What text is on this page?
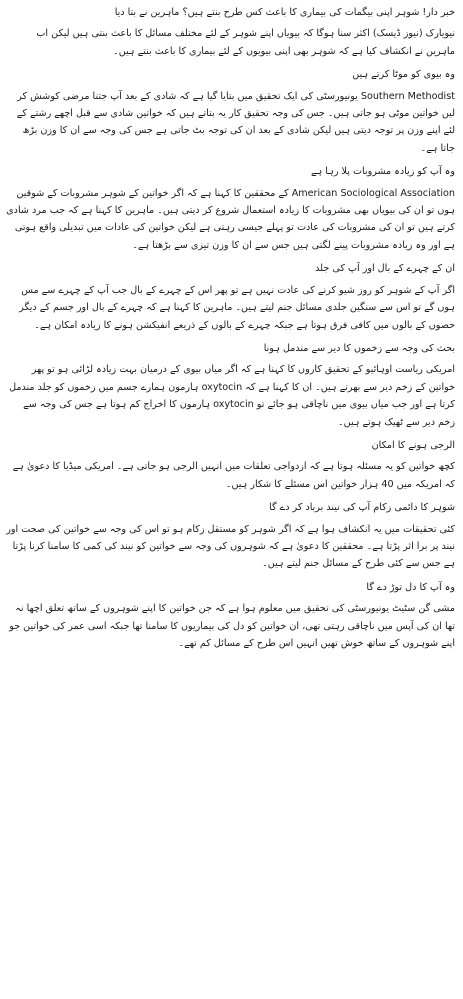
خبر دار! شوہر اپنی بیگمات کی بیماری کا باعث کس طرح بنتے ہیں؟ ماہرین نے بتا دیا

نیویارک (نیوز ڈیسک) اکثر سنا ہوگا کہ بیویاں اپنے شوہر کے لئے مختلف مسائل کا باعث بنتی ہیں لیکن اب ماہرین نے انکشاف کیا ہے کہ شوہر بھی اپنی بیویوں کے لئے بیماری کا باعث بنتے ہیں۔

وہ بیوی کو موٹا کرتے ہیں

Southern Methodist یونیورسٹی کی ایک تحقیق میں بتایا گیا ہے کہ شادی کے بعد آپ جتنا مرضی کوشش کر لیں خواتین موٹی ہو جاتی ہیں۔ جس کی وجہ تحقیق کار یہ بتاتے ہیں کہ خواتین شادی سے قبل اچھے رشتے کے لئے اپنے وزن پر توجہ دیتی ہیں لیکن شادی کے بعد ان کی توجہ بٹ جاتی ہے جس کی وجہ سے ان کا وزن بڑھ جاتا ہے۔

وہ آپ کو زیادہ مشروبات پلا رہا ہے

American Sociological Association کے محققین کا کہنا ہے کہ اگر خواتین کے شوہر مشروبات کے شوقین ہوں تو ان کی بیویاں بھی مشروبات کا زیادہ استعمال شروع کر دیتی ہیں۔ ماہرین کا کہنا ہے کہ جب مرد شادی کرتے ہیں تو ان کی مشروبات کی عادت تو پہلے جیسی رہتی ہے لیکن خواتین کی عادات میں تبدیلی واقع ہوتی ہے اور وہ زیادہ مشروبات پینے لگتی ہیں جس سے ان کا وزن تیزی سے بڑھتا ہے۔

ان کے چہرے کے بال اور آپ کی جلد

اگر آپ کے شوہر کو روز شیو کرنے کی عادت نہیں ہے تو پھر اس کے چہرے کے بال جب آپ کے چہرے سے مس ہوں گے تو اس سے سنگین جلدی مسائل جنم لیتے ہیں۔ ماہرین کا کہنا ہے کہ چہرے کے بال اور جسم کے دیگر حصوں کے بالوں میں کافی فرق ہوتا ہے جبکہ چہرے کے بالوں کے ذریعے انفیکشن ہونے کا زیادہ امکان ہے۔

بحث کی وجہ سے زخموں کا دیر سے مندمل ہونا

امریکی ریاست اوہائیو کے تحقیق کاروں کا کہنا ہے کہ اگر میاں بیوی کے درمیان بہت زیادہ لڑائی ہو تو پھر خواتین کے زخم دیر سے بھرتے ہیں۔ ان کا کہنا ہے کہ oxytocin ہارمون ہمارے جسم میں زخموں کو جلد مندمل کرتا ہے اور جب میاں بیوی میں ناچاقی ہو جائے تو oxytocin ہارمون کا اخراج کم ہوتا ہے جس کی وجہ سے زخم دیر سے ٹھیک ہوتے ہیں۔

الرجی ہونے کا امکان

کچھ خواتین کو یہ مسئلہ ہوتا ہے کہ ازدواجی تعلقات میں انہیں الرجی ہو جاتی ہے۔ امریکی میڈیا کا دعویٰ ہے کہ امریکہ میں 40 ہزار خواتین اس مسئلے کا شکار ہیں۔

شوہر کا دائمی زکام آپ کی نیند برباد کر دے گا

کئی تحقیقات میں یہ انکشاف ہوا ہے کہ اگر شوہر کو مستقل زکام ہو تو اس کی وجہ سے خواتین کی صحت اور نیند پر برا اثر پڑتا ہے۔ محققین کا دعویٰ ہے کہ شوہروں کی وجہ سے خواتین کو نیند کی کمی کا سامنا کرنا پڑتا ہے جس سے کئی طرح کے مسائل جنم لیتے ہیں۔

وہ آپ کا دل توڑ دے گا

مشی گن سٹیٹ یونیورسٹی کی تحقیق میں معلوم ہوا ہے کہ جن خواتین کا اپنے شوہروں کے ساتھ تعلق اچھا نہ تھا ان کی آپس میں ناچاقی رہتی تھی، ان خواتین کو دل کی بیماریوں کا سامنا تھا جبکہ اسی عمر کی خواتین جو اپنے شوہروں کے ساتھ خوش تھیں انہیں اس طرح کے مسائل کم تھے۔
